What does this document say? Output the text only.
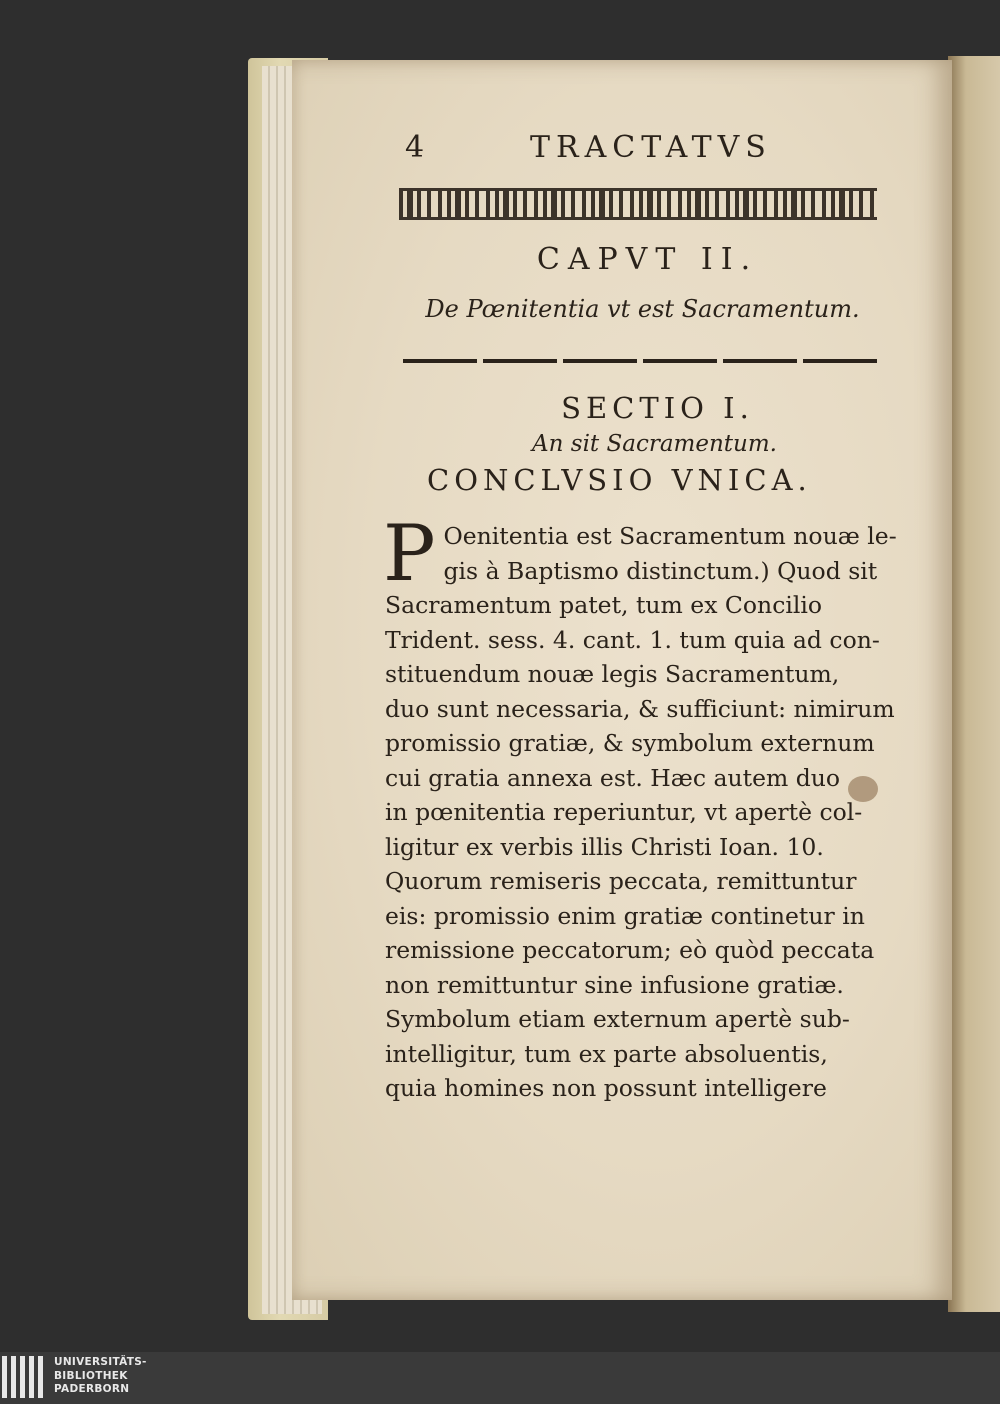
4	TRACTATVS
CAPVT II.
De Pœnitentia vt est Sacramentum.
SECTIO I.
An sit Sacramentum.
CONCLVSIO VNICA.
P Oenitentia est Sacramentum nouæ le-
gis à Baptismo distinctum.) Quod sit
Sacramentum patet, tum ex Concilio
Trident. sess. 4. cant. 1. tum quia ad con-
stituendum nouæ legis Sacramentum,
duo sunt necessaria, & sufficiunt: nimirum
promissio gratiæ, & symbolum externum
cui gratia annexa est. Hæc autem duo
in pœnitentia reperiuntur, vt apertè col-
ligitur ex verbis illis Christi Ioan. 10.
Quorum remiseris peccata, remittuntur
eis: promissio enim gratiæ continetur in
remissione peccatorum; eò quòd peccata
non remittuntur sine infusione gratiæ.
Symbolum etiam externum apertè sub-
intelligitur, tum ex parte absoluentis,
quia homines non possunt intelligere
UNIVERSITÄTS-
BIBLIOTHEK
PADERBORN
